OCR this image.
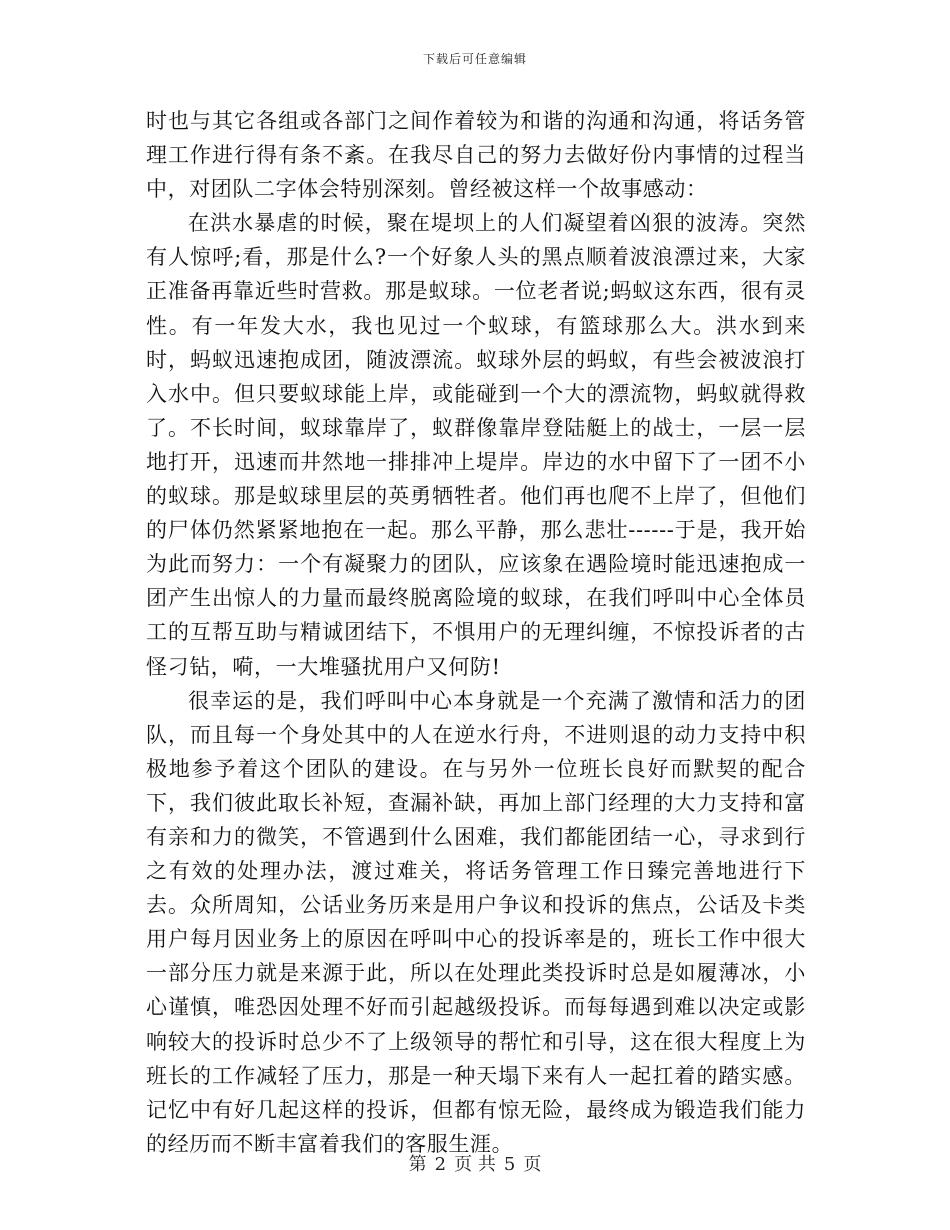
下载后可任意编辑

时也与其它各组或各部门之间作着较为和谐的沟通和沟通，将话务管理工作进行得有条不紊。在我尽自己的努力去做好份内事情的过程当中，对团队二字体会特别深刻。曾经被这样一个故事感动：

在洪水暴虐的时候，聚在堤坝上的人们凝望着凶狠的波涛。突然有人惊呼;看，那是什么?一个好象人头的黑点顺着波浪漂过来，大家正准备再靠近些时营救。那是蚁球。一位老者说;蚂蚁这东西，很有灵性。有一年发大水，我也见过一个蚁球，有篮球那么大。洪水到来时，蚂蚁迅速抱成团，随波漂流。蚁球外层的蚂蚁，有些会被波浪打入水中。但只要蚁球能上岸，或能碰到一个大的漂流物，蚂蚁就得救了。不长时间，蚁球靠岸了，蚁群像靠岸登陆艇上的战士，一层一层地打开，迅速而井然地一排排冲上堤岸。岸边的水中留下了一团不小的蚁球。那是蚁球里层的英勇牺牲者。他们再也爬不上岸了，但他们的尸体仍然紧紧地抱在一起。那么平静，那么悲壮------于是，我开始为此而努力：一个有凝聚力的团队，应该象在遇险境时能迅速抱成一团产生出惊人的力量而最终脱离险境的蚁球，在我们呼叫中心全体员工的互帮互助与精诚团结下，不惧用户的无理纠缠，不惊投诉者的古怪刁钻，嗬，一大堆骚扰用户又何防!

很幸运的是，我们呼叫中心本身就是一个充满了激情和活力的团队，而且每一个身处其中的人在逆水行舟，不进则退的动力支持中积极地参予着这个团队的建设。在与另外一位班长良好而默契的配合下，我们彼此取长补短，查漏补缺，再加上部门经理的大力支持和富有亲和力的微笑，不管遇到什么困难，我们都能团结一心，寻求到行之有效的处理办法，渡过难关，将话务管理工作日臻完善地进行下去。众所周知，公话业务历来是用户争议和投诉的焦点，公话及卡类用户每月因业务上的原因在呼叫中心的投诉率是的，班长工作中很大一部分压力就是来源于此，所以在处理此类投诉时总是如履薄冰，小心谨慎，唯恐因处理不好而引起越级投诉。而每每遇到难以决定或影响较大的投诉时总少不了上级领导的帮忙和引导，这在很大程度上为班长的工作减轻了压力，那是一种天塌下来有人一起扛着的踏实感。记忆中有好几起这样的投诉，但都有惊无险，最终成为锻造我们能力的经历而不断丰富着我们的客服生涯。

第 2 页 共 5 页
